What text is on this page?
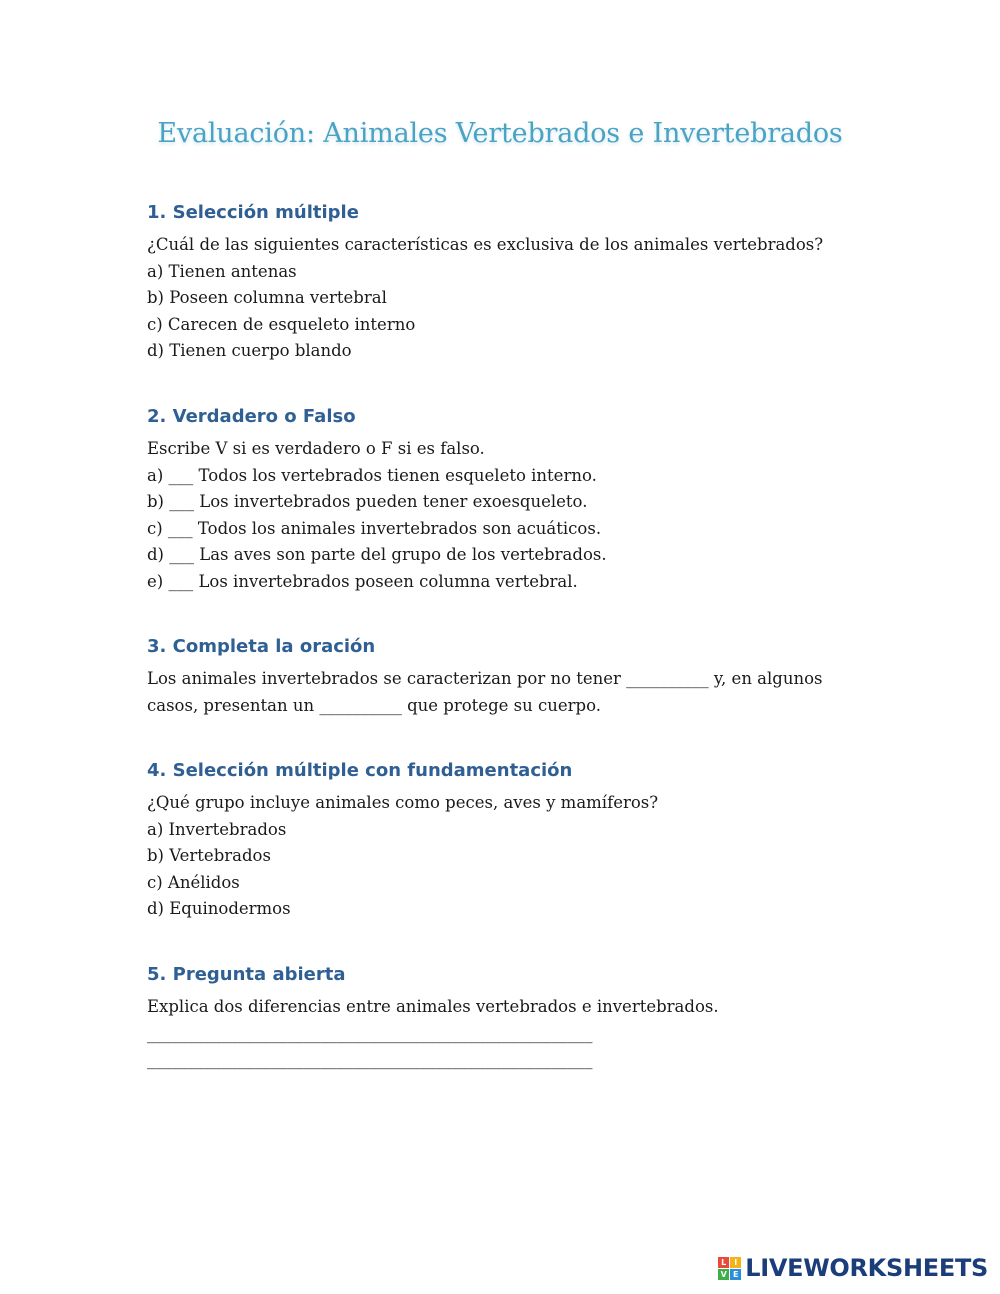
Evaluación: Animales Vertebrados e Invertebrados
1. Selección múltiple

¿Cuál de las siguientes características es exclusiva de los animales vertebrados?

a) Tienen antenas

b) Poseen columna vertebral

c) Carecen de esqueleto interno

d) Tienen cuerpo blando

2. Verdadero o Falso

Escribe V si es verdadero o F si es falso.

a) ___ Todos los vertebrados tienen esqueleto interno.

b) ___ Los invertebrados pueden tener exoesqueleto.

c) ___ Todos los animales invertebrados son acuáticos.

d) ___ Las aves son parte del grupo de los vertebrados.

e) ___ Los invertebrados poseen columna vertebral.

3. Completa la oración

Los animales invertebrados se caracterizan por no tener __________ y, en algunos casos, presentan un __________ que protege su cuerpo.

4. Selección múltiple con fundamentación

¿Qué grupo incluye animales como peces, aves y mamíferos?

a) Invertebrados

b) Vertebrados

c) Anélidos

d) Equinodermos

5. Pregunta abierta

Explica dos diferencias entre animales vertebrados e invertebrados.

______________________________________________________

______________________________________________________

L I
V E LIVEWORKSHEETS
